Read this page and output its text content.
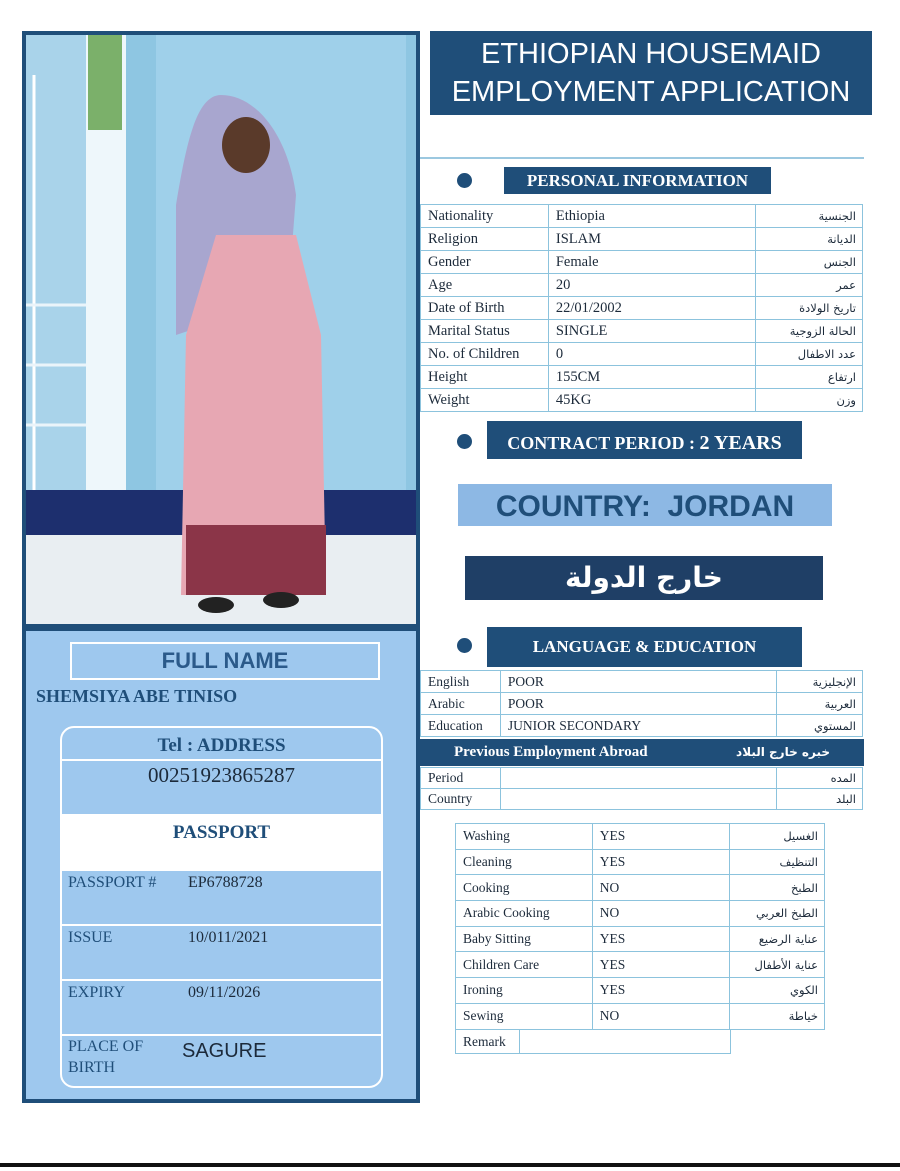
ETHIOPIAN HOUSEMAID
EMPLOYMENT APPLICATION
PERSONAL INFORMATION
Nationality	Ethiopia	الجنسية
Religion	ISLAM	الديانة
Gender	Female	الجنس
Age	20	عمر
Date of Birth	22/01/2002	تاريخ الولادة
Marital Status	SINGLE	الحالة الزوجية
No. of Children	0	عدد الاطفال
Height	155CM	ارتفاع
Weight	45KG	وزن
CONTRACT PERIOD : 2 YEARS
COUNTRY: JORDAN
خارج الدولة
LANGUAGE & EDUCATION
English	POOR	الإنجليزية
Arabic	POOR	العربية
Education	JUNIOR SECONDARY	المستوي
Previous Employment Abroad	خبره خارج البلاد
Period		المده
Country		البلد
Washing	YES	الغسيل
Cleaning	YES	التنظيف
Cooking	NO	الطبخ
Arabic Cooking	NO	الطبخ العربي
Baby Sitting	YES	عناية الرضيع
Children Care	YES	عناية الأطفال
Ironing	YES	الكوي
Sewing	NO	خياطة
Remark	
FULL NAME
SHEMSIYA ABE TINISO
Tel : ADDRESS
00251923865287
PASSPORT
PASSPORT # EP6788728
ISSUE	10/011/2021
EXPIRY	09/11/2026
PLACE OF
BIRTH
SAGURE
